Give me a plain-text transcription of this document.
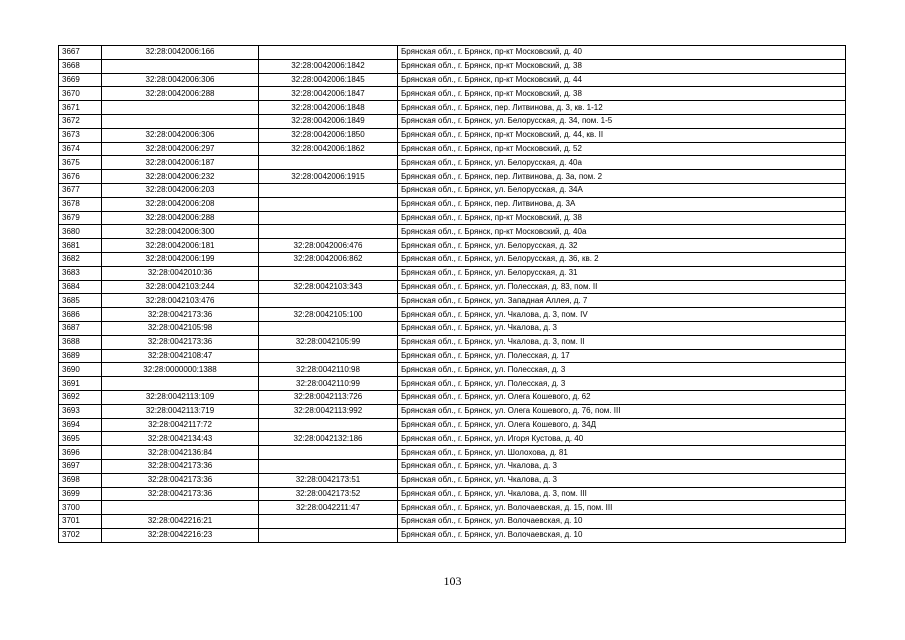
3667	32:28:0042006:166		Брянская обл., г. Брянск, пр-кт Московский, д. 40
3668		32:28:0042006:1842	Брянская обл., г. Брянск, пр-кт Московский, д. 38
3669	32:28:0042006:306	32:28:0042006:1845	Брянская обл., г. Брянск, пр-кт Московский, д. 44
3670	32:28:0042006:288	32:28:0042006:1847	Брянская обл., г. Брянск, пр-кт Московский, д. 38
3671		32:28:0042006:1848	Брянская обл., г. Брянск, пер. Литвинова, д. 3, кв. 1-12
3672		32:28:0042006:1849	Брянская обл., г. Брянск, ул. Белорусская, д. 34, пом. 1-5
3673	32:28:0042006:306	32:28:0042006:1850	Брянская обл., г. Брянск, пр-кт Московский, д. 44, кв. II
3674	32:28:0042006:297	32:28:0042006:1862	Брянская обл., г. Брянск, пр-кт Московский, д. 52
3675	32:28:0042006:187		Брянская обл., г. Брянск, ул. Белорусская, д. 40а
3676	32:28:0042006:232	32:28:0042006:1915	Брянская обл., г. Брянск, пер. Литвинова, д. 3а, пом. 2
3677	32:28:0042006:203		Брянская обл., г. Брянск, ул. Белорусская, д. 34А
3678	32:28:0042006:208		Брянская обл., г. Брянск, пер. Литвинова, д. 3А
3679	32:28:0042006:288		Брянская обл., г. Брянск, пр-кт Московский, д. 38
3680	32:28:0042006:300		Брянская обл., г. Брянск, пр-кт Московский, д. 40а
3681	32:28:0042006:181	32:28:0042006:476	Брянская обл., г. Брянск, ул. Белорусская, д. 32
3682	32:28:0042006:199	32:28:0042006:862	Брянская обл., г. Брянск, ул. Белорусская, д. 36, кв. 2
3683	32:28:0042010:36		Брянская обл., г. Брянск, ул. Белорусская, д. 31
3684	32:28:0042103:244	32:28:0042103:343	Брянская обл., г. Брянск, ул. Полесская, д. 83, пом. II
3685	32:28:0042103:476		Брянская обл., г. Брянск, ул. Западная Аллея, д. 7
3686	32:28:0042173:36	32:28:0042105:100	Брянская обл., г. Брянск, ул. Чкалова, д. 3, пом. IV
3687	32:28:0042105:98		Брянская обл., г. Брянск, ул. Чкалова, д. 3
3688	32:28:0042173:36	32:28:0042105:99	Брянская обл., г. Брянск, ул. Чкалова, д. 3, пом. II
3689	32:28:0042108:47		Брянская обл., г. Брянск, ул. Полесская, д. 17
3690	32:28:0000000:1388	32:28:0042110:98	Брянская обл., г. Брянск, ул. Полесская, д. 3
3691		32:28:0042110:99	Брянская обл., г. Брянск, ул. Полесская, д. 3
3692	32:28:0042113:109	32:28:0042113:726	Брянская обл., г. Брянск, ул. Олега Кошевого, д. 62
3693	32:28:0042113:719	32:28:0042113:992	Брянская обл., г. Брянск, ул. Олега Кошевого, д. 76, пом. III
3694	32:28:0042117:72		Брянская обл., г. Брянск, ул. Олега Кошевого, д. 34Д
3695	32:28:0042134:43	32:28:0042132:186	Брянская обл., г. Брянск, ул. Игоря Кустова, д. 40
3696	32:28:0042136:84		Брянская обл., г. Брянск, ул. Шолохова, д. 81
3697	32:28:0042173:36		Брянская обл., г. Брянск, ул. Чкалова, д. 3
3698	32:28:0042173:36	32:28:0042173:51	Брянская обл., г. Брянск, ул. Чкалова, д. 3
3699	32:28:0042173:36	32:28:0042173:52	Брянская обл., г. Брянск, ул. Чкалова, д. 3, пом. III
3700		32:28:0042211:47	Брянская обл., г. Брянск, ул. Волочаевская, д. 15, пом. III
3701	32:28:0042216:21		Брянская обл., г. Брянск, ул. Волочаевская, д. 10
3702	32:28:0042216:23		Брянская обл., г. Брянск, ул. Волочаевская, д. 10
103
